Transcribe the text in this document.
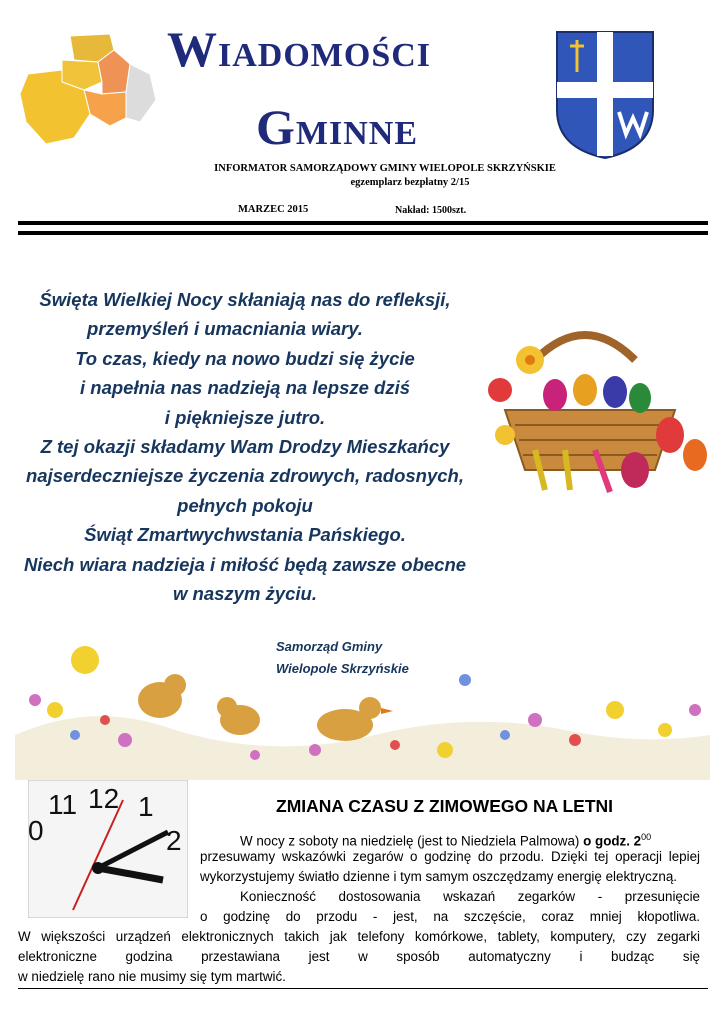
WIADOMOŚCI
GMINNE
INFORMATOR SAMORZĄDOWY GMINY WIELOPOLE SKRZYŃSKIE
egzemplarz bezpłatny 2/15
MARZEC 2015	Nakład: 1500szt.
Święta Wielkiej Nocy skłaniają nas do refleksji,
przemyśleń i umacniania wiary.
To czas, kiedy na nowo budzi się życie
i napełnia nas nadzieją na lepsze dziś
i piękniejsze jutro.
Z tej okazji składamy Wam Drodzy Mieszkańcy
najserdeczniejsze życzenia zdrowych, radosnych,
pełnych pokoju
Świąt Zmartwychwstania Pańskiego.
Niech wiara nadzieja i miłość będą zawsze obecne
w naszym życiu.
Samorząd Gminy
Wielopole Skrzyńskie
11 12 1
2
0
ZMIANA CZASU Z ZIMOWEGO NA LETNI
W nocy z soboty na niedzielę (jest to Niedziela Palmowa) o godz. $2^{00}$
przesuwamy wskazówki zegarów o godzinę do przodu. Dzięki tej operacji lepiej
wykorzystujemy światło dzienne i tym samym oszczędzamy energię elektryczną.
Konieczność dostosowania wskazań zegarków - przesunięcie
o godzinę do przodu - jest, na szczęście, coraz mniej kłopotliwa.
W większości urządzeń elektronicznych takich jak telefony komórkowe, tablety, komputery, czy zegarki
elektroniczne godzina przestawiana jest w sposób automatyczny i budząc się
w niedzielę rano nie musimy się tym martwić.
